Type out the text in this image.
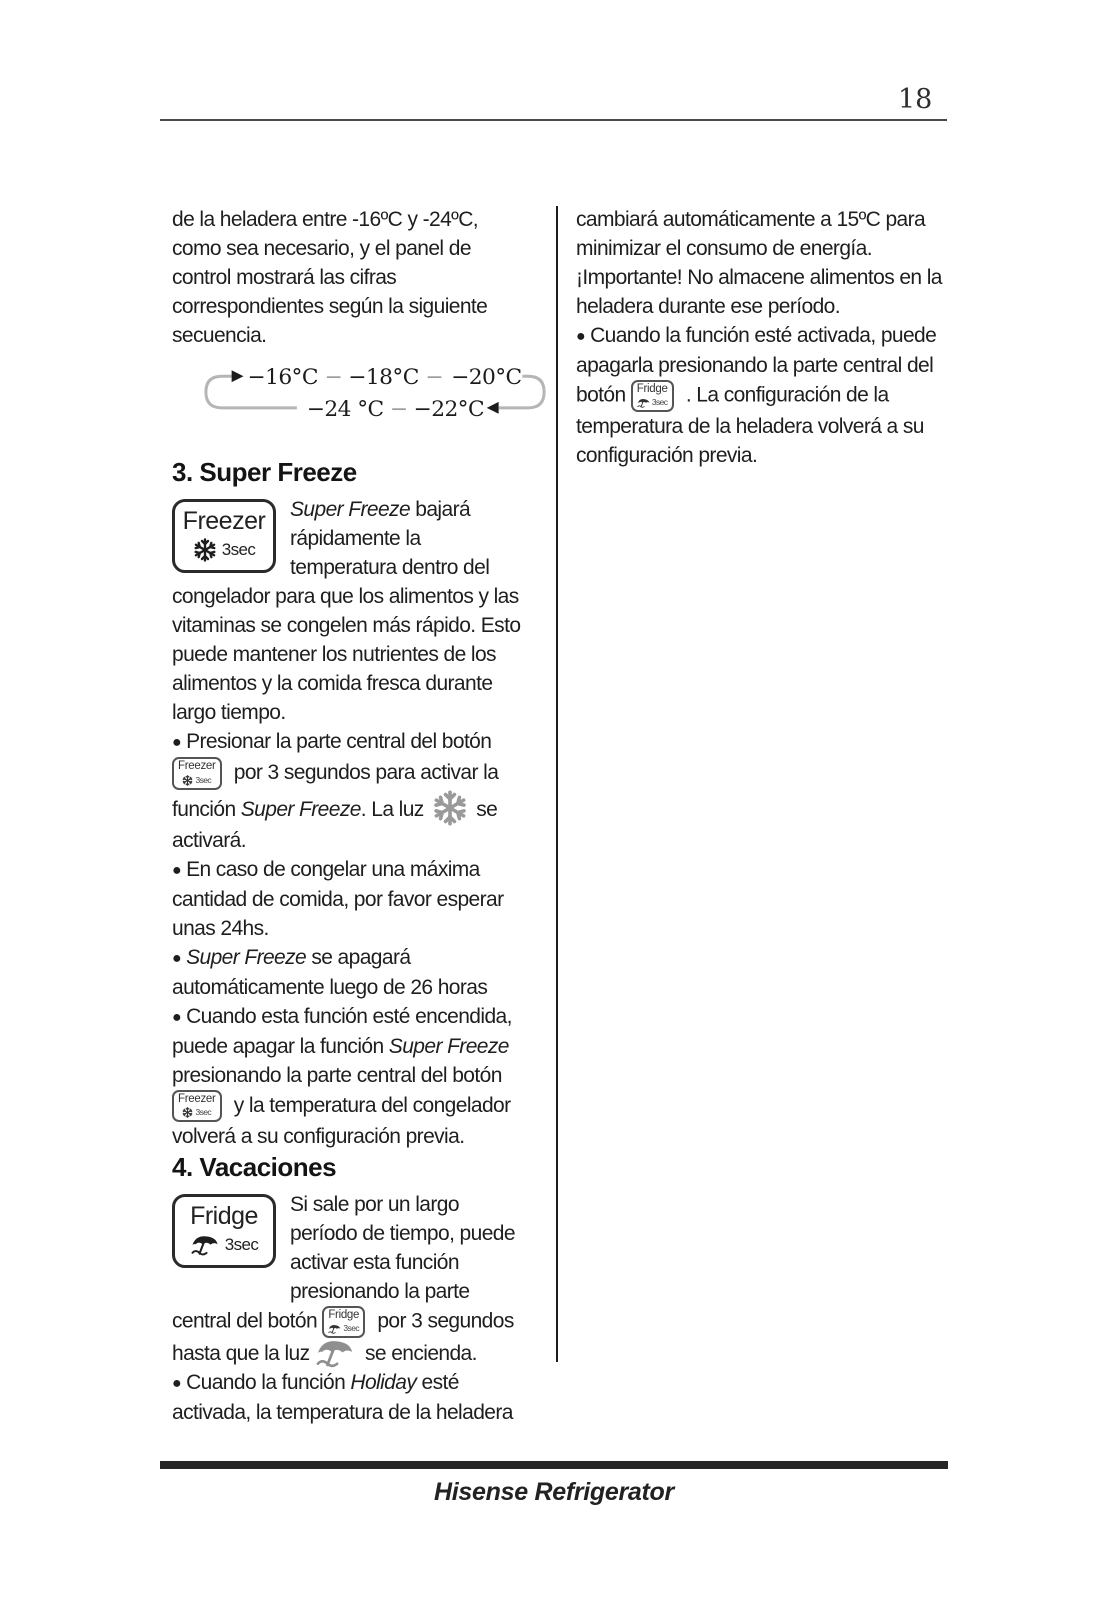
18

de la heladera entre -16ºC y -24ºC, como sea necesario, y el panel de control mostrará las cifras correspondientes según la siguiente secuencia.

−16°C − −18°C − −20°C
−24 °C − −22°C
3. Super Freeze
Freezer
3sec

Super Freeze bajará rápidamente la temperatura dentro del congelador para que los alimentos y las vitaminas se congelen más rápido. Esto puede mantener los nutrientes de los alimentos y la comida fresca durante largo tiempo.

● Presionar la parte central del botón
Freezer
3sec por 3 segundos para activar la función Super Freeze. La luz  se activará.

● En caso de congelar una máxima cantidad de comida, por favor esperar unas 24hs.

● Super Freeze se apagará automáticamente luego de 26 horas

● Cuando esta función esté encendida, puede apagar la función Super Freeze presionando la parte central del botón
Freezer
3sec y la temperatura del congelador volverá a su configuración previa.

4. Vacaciones
Fridge
3sec

Si sale por un largo período de tiempo, puede activar esta función presionando la parte central del botón Fridge
3sec por 3 segundos hasta que la luz  se encienda.

● Cuando la función Holiday esté activada, la temperatura de la heladera

cambiará automáticamente a 15ºC para minimizar el consumo de energía. ¡Importante! No almacene alimentos en la heladera durante ese período.

● Cuando la función esté activada, puede apagarla presionando la parte central del botón Fridge
3sec . La configuración de la temperatura de la heladera volverá a su configuración previa.

Hisense Refrigerator
